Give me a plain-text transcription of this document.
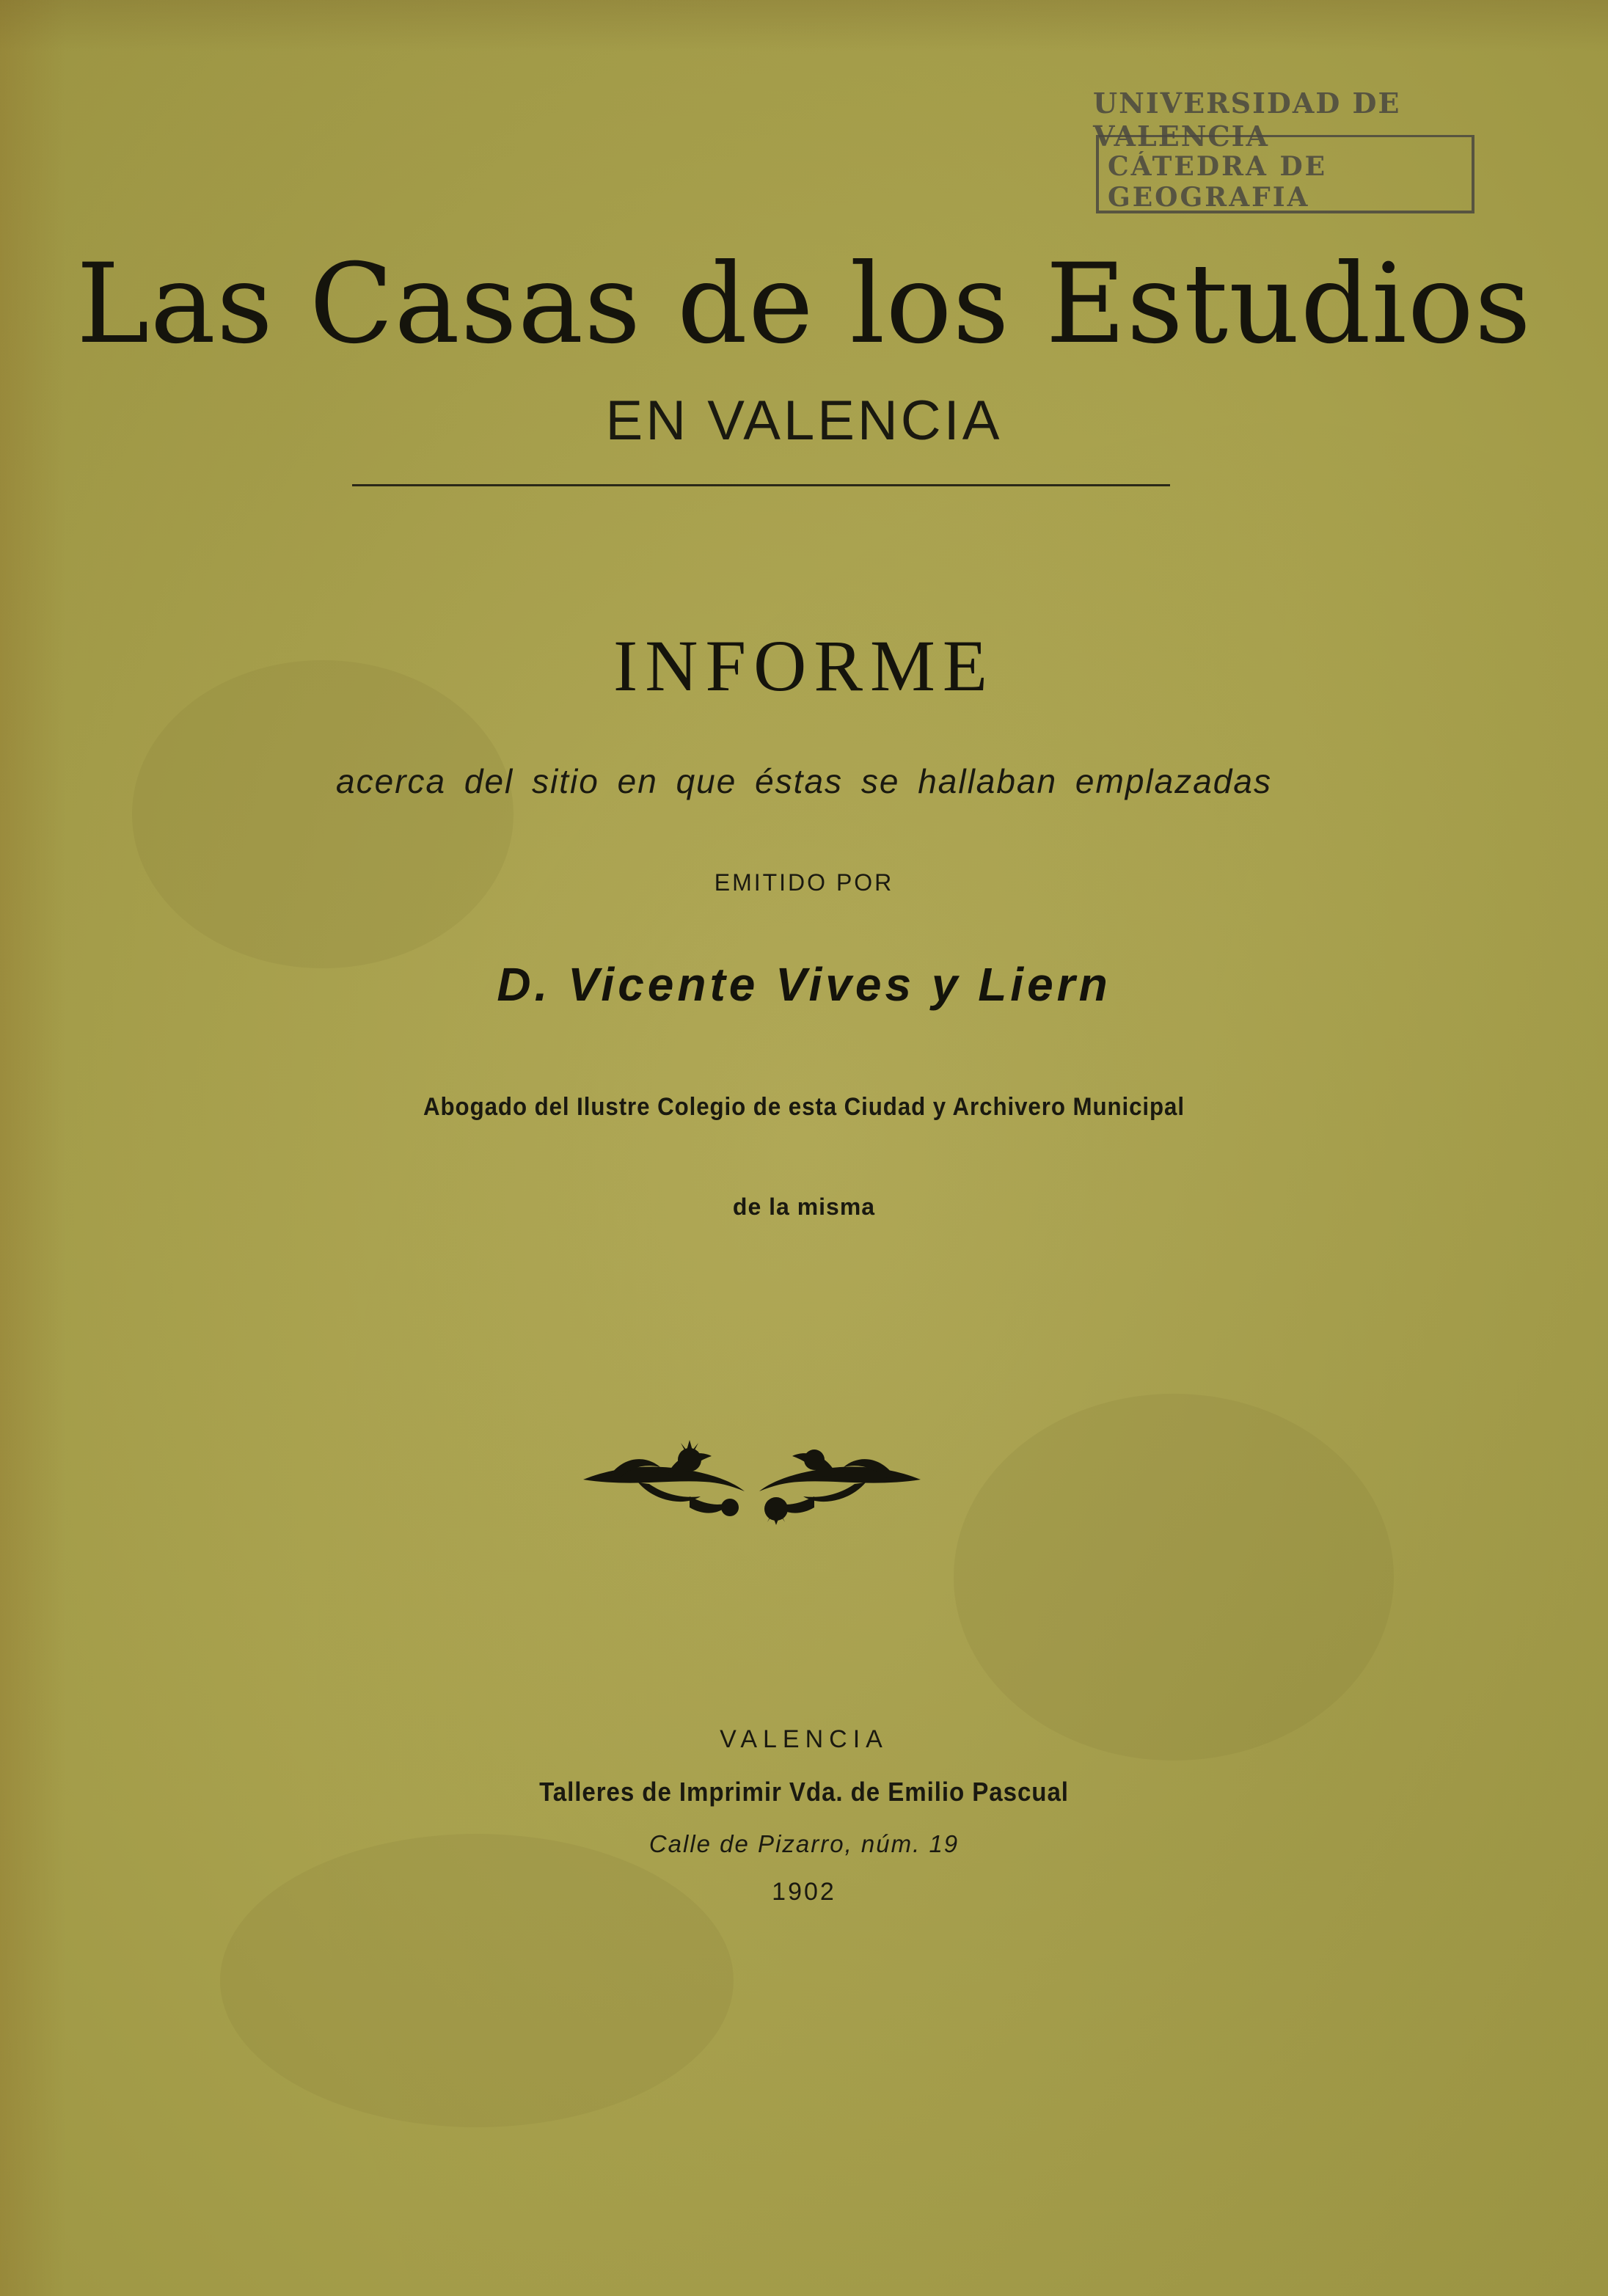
UNIVERSIDAD DE VALENCIA
CÁTEDRA DE GEOGRAFIA
Las Casas de los Estudios
EN VALENCIA
INFORME
acerca del sitio en que éstas se hallaban emplazadas
EMITIDO POR
D. Vicente Vives y Liern
Abogado del Ilustre Colegio de esta Ciudad y Archivero Municipal
de la misma
VALENCIA
Talleres de Imprimir Vda. de Emilio Pascual
Calle de Pizarro, núm. 19
1902
